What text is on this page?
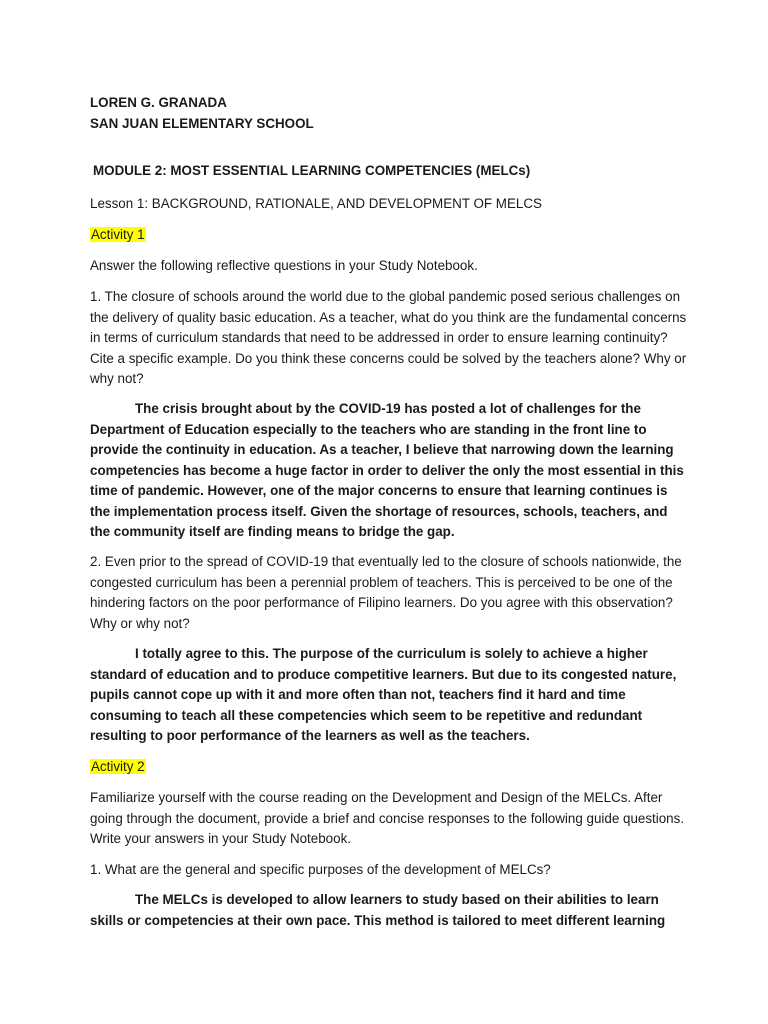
LOREN G. GRANADA

SAN JUAN ELEMENTARY SCHOOL

MODULE 2: MOST ESSENTIAL LEARNING COMPETENCIES (MELCs)

Lesson 1: BACKGROUND, RATIONALE, AND DEVELOPMENT OF MELCS

Activity 1

Answer the following reflective questions in your Study Notebook.

1. The closure of schools around the world due to the global pandemic posed serious challenges on the delivery of quality basic education. As a teacher, what do you think are the fundamental concerns in terms of curriculum standards that need to be addressed in order to ensure learning continuity? Cite a specific example. Do you think these concerns could be solved by the teachers alone? Why or why not?

The crisis brought about by the COVID-19 has posted a lot of challenges for the Department of Education especially to the teachers who are standing in the front line to provide the continuity in education. As a teacher, I believe that narrowing down the learning competencies has become a huge factor in order to deliver the only the most essential in this time of pandemic. However, one of the major concerns to ensure that learning continues is the implementation process itself. Given the shortage of resources, schools, teachers, and the community itself are finding means to bridge the gap.

2. Even prior to the spread of COVID-19 that eventually led to the closure of schools nationwide, the congested curriculum has been a perennial problem of teachers. This is perceived to be one of the hindering factors on the poor performance of Filipino learners. Do you agree with this observation? Why or why not?

I totally agree to this. The purpose of the curriculum is solely to achieve a higher standard of education and to produce competitive learners. But due to its congested nature, pupils cannot cope up with it and more often than not, teachers find it hard and time consuming to teach all these competencies which seem to be repetitive and redundant resulting to poor performance of the learners as well as the teachers.

Activity 2

Familiarize yourself with the course reading on the Development and Design of the MELCs. After going through the document, provide a brief and concise responses to the following guide questions. Write your answers in your Study Notebook.

1. What are the general and specific purposes of the development of MELCs?

The MELCs is developed to allow learners to study based on their abilities to learn skills or competencies at their own pace. This method is tailored to meet different learning
